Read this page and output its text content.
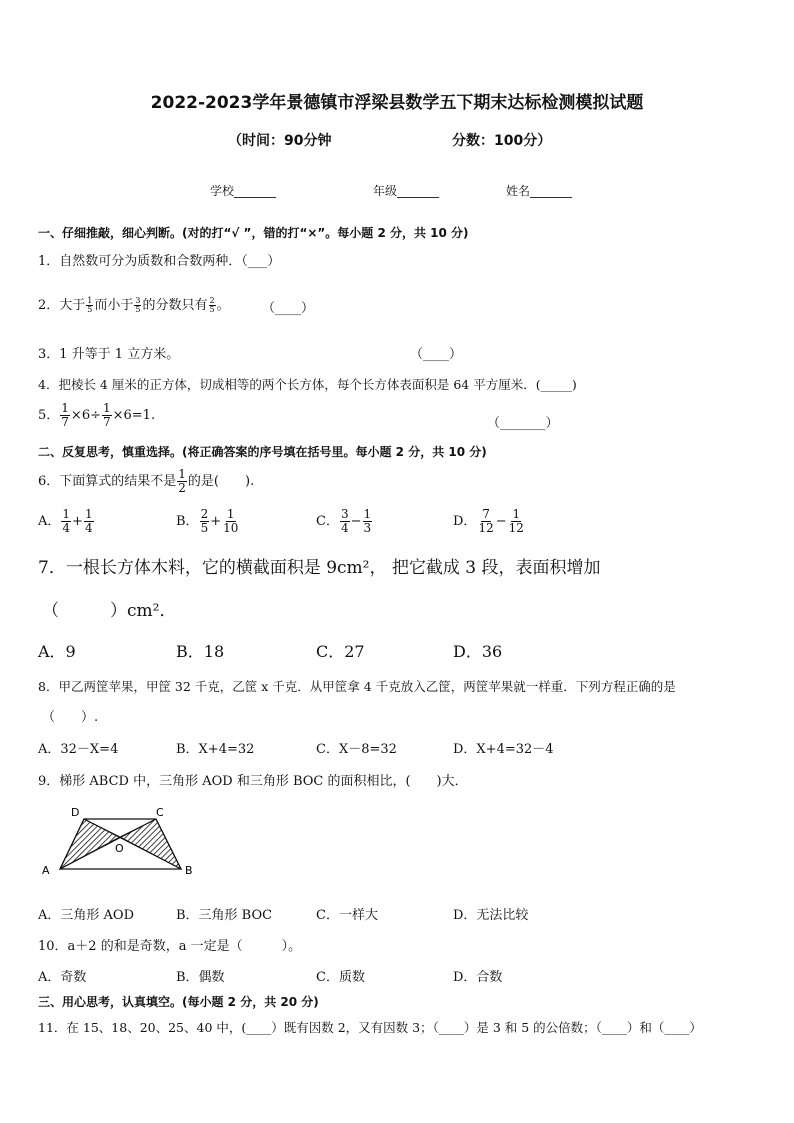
2022-2023学年景德镇市浮梁县数学五下期末达标检测模拟试题
（时间：90分钟	分数：100分）
学校_______	年级_______	姓名_______
一、仔细推敲，细心判断。(对的打“√ ”，错的打“×”。每小题 2 分，共 10 分)
1．自然数可分为质数和合数两种．（___）
2．大于 $\frac{1}{5}$ 而小于 $\frac{3}{5}$ 的分数只有 $\frac{2}{5}$ 。 （____）
3．1 升等于 1 立方米。	（____）
4．把棱长 4 厘米的正方体，切成相等的两个长方体，每个长方体表面积是 64 平方厘米．(_____)
5． $\frac{1}{7} \times 6\div \frac{1}{7} \times 6=1$.
（_______）
二、反复思考，慎重选择。(将正确答案的序号填在括号里。每小题 2 分，共 10 分)
6．下面算式的结果不是 $\frac{1}{2}$ 的是(　　).
A． $\frac{1}{4} + \frac{1}{4}$	B． $\frac{2}{5} + \frac{1}{10}$	C． $\frac{3}{4} - \frac{1}{3}$	D． $\frac{7}{12} - \frac{1}{12}$
7．一根长方体木料，它的横截面积是 9cm²， 把它截成 3 段，表面积增加
（　　　）cm²．
A．9	B．18	C．27	D．36
8．甲乙两筐苹果，甲筐 32 千克，乙筐 x 千克．从甲筐拿 4 千克放入乙筐，两筐苹果就一样重．下列方程正确的是
（　　）.
A．32－X=4	B．X+4=32	C．X－8=32	D．X+4=32－4
9．梯形 ABCD 中，三角形 AOD 和三角形 BOC 的面积相比，(　　)大．
D	C
O
A	B
A．三角形 AOD	B．三角形 BOC	C．一样大	D．无法比较
10．a＋2 的和是奇数，a 一定是（　　　）。
A．奇数	B．偶数	C．质数	D．合数
三、用心思考，认真填空。(每小题 2 分，共 20 分)
11．在 15、18、20、25、40 中，(____）既有因数 2，又有因数 3；（____）是 3 和 5 的公倍数；（____）和（____）
